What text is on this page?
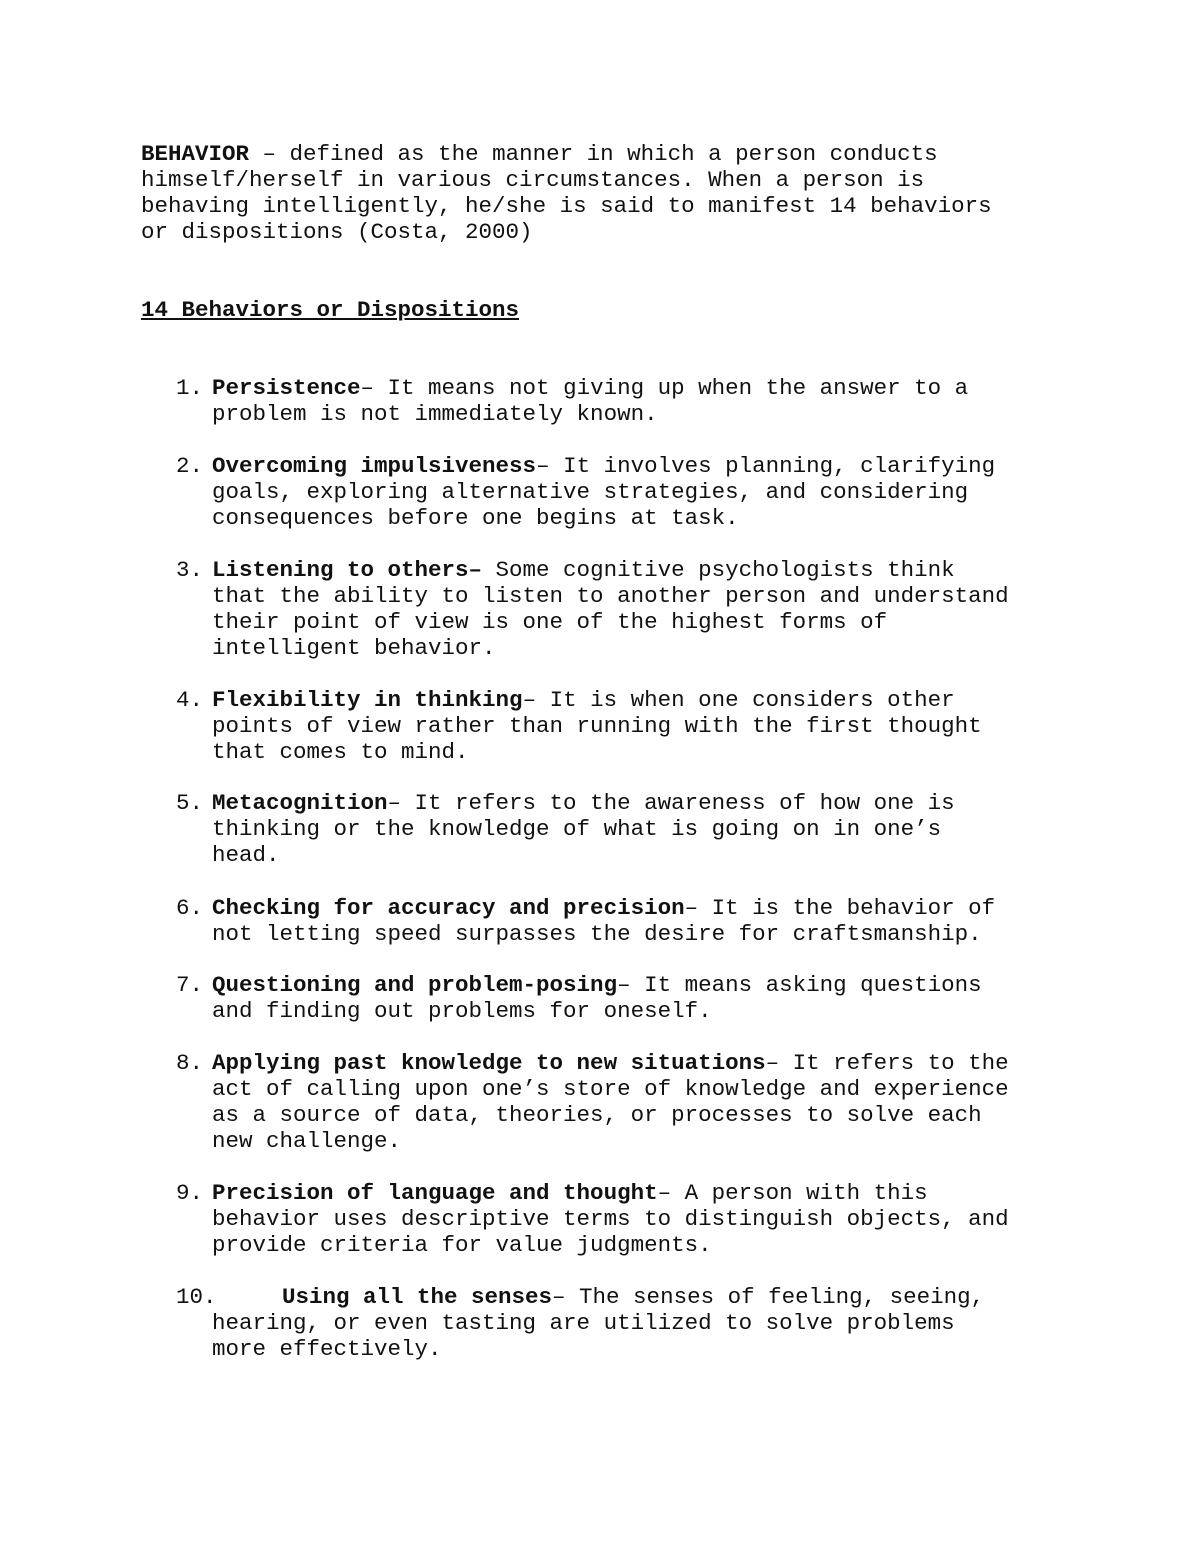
BEHAVIOR – defined as the manner in which a person conducts
himself/herself in various circumstances. When a person is
behaving intelligently, he/she is said to manifest 14 behaviors
or dispositions (Costa, 2000)

14 Behaviors or Dispositions
1. Persistence– It means not giving up when the answer to a
problem is not immediately known.
2. Overcoming impulsiveness– It involves planning, clarifying
goals, exploring alternative strategies, and considering
consequences before one begins at task.
3. Listening to others– Some cognitive psychologists think
that the ability to listen to another person and understand
their point of view is one of the highest forms of
intelligent behavior.
4. Flexibility in thinking– It is when one considers other
points of view rather than running with the first thought
that comes to mind.
5. Metacognition– It refers to the awareness of how one is
thinking or the knowledge of what is going on in one’s
head.
6. Checking for accuracy and precision– It is the behavior of
not letting speed surpasses the desire for craftsmanship.
7. Questioning and problem-posing– It means asking questions
and finding out problems for oneself.
8. Applying past knowledge to new situations– It refers to the
act of calling upon one’s store of knowledge and experience
as a source of data, theories, or processes to solve each
new challenge.
9. Precision of language and thought– A person with this
behavior uses descriptive terms to distinguish objects, and
provide criteria for value judgments.
10.	Using all the senses– The senses of feeling, seeing,
hearing, or even tasting are utilized to solve problems
more effectively.
